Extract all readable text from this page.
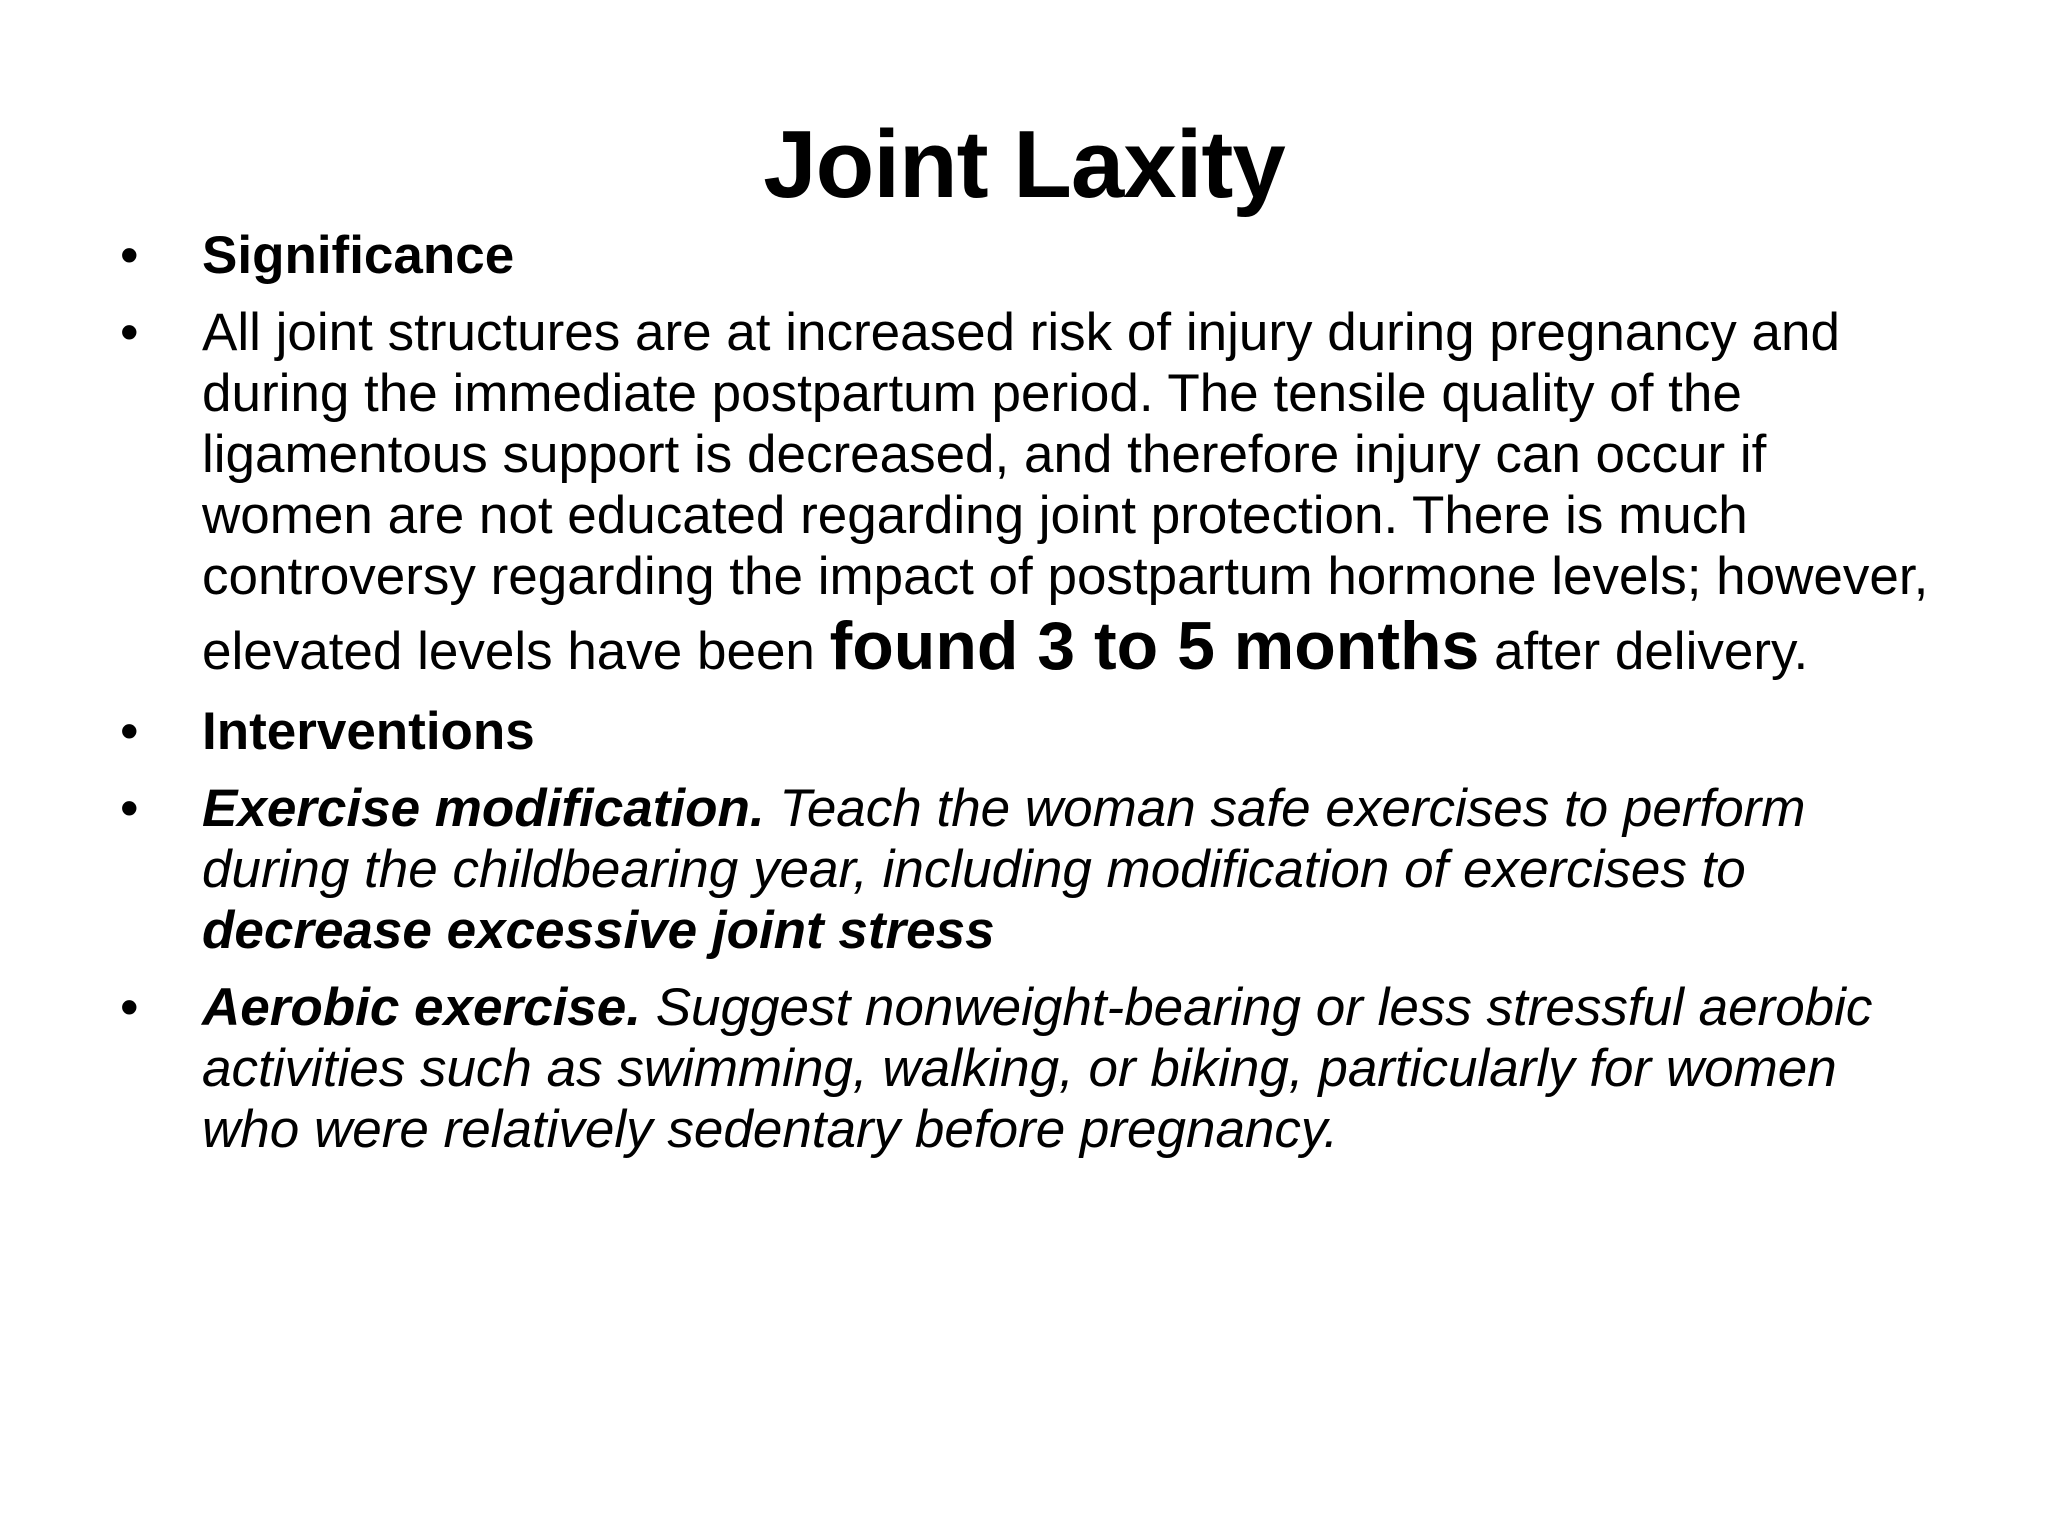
Joint Laxity
•	Significance
•	All joint structures are at increased risk of injury during pregnancy and during the immediate postpartum period. The tensile quality of the ligamentous support is decreased, and therefore injury can occur if women are not educated regarding joint protection. There is much controversy regarding the impact of postpartum hormone levels; however, elevated levels have been found 3 to 5 months after delivery.
•	Interventions
•	Exercise modification. Teach the woman safe exercises to perform during the childbearing year, including modification of exercises to decrease excessive joint stress
•	Aerobic exercise. Suggest nonweight-bearing or less stressful aerobic activities such as swimming, walking, or biking, particularly for women who were relatively sedentary before pregnancy.
